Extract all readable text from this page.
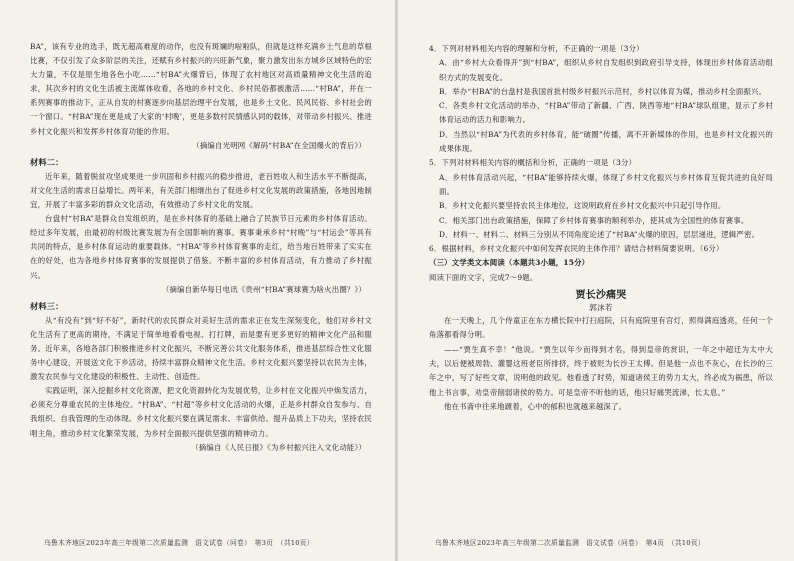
BA”，该有专业的选手，既无超高难度的动作，也没有斑斓的啦啦队，但就是这样充满乡土气息的草根比赛，不仅引发了众多阶层的关注，还赋有乡村振兴的兴旺新气象，聚力激发出东方城乡区域特色的宏大力量，不仅是原生地各色小吃……“村BA”火爆背后，体现了农村地区对高质量精神文化生活的追求，其次乡村的文化生活被主流媒体收看，各地的乡村文化、乡村民俗都被激活……“村BA”，并在一系列赛事的推动下，正从自发的村赛逐步向基层治理平台发展，也是乡土文化、民风民俗、乡村社会的一个窗口。“村BA”现在更是成了大家的‘村晚’，更是多数村民情感认同的载体，对带动乡村振兴、推进乡村文化振兴和发挥乡村体育功能的作用。

（摘编自光明网《解码“村BA”在全国爆火的背后》）

材料二：

近年来，随着脱贫攻坚成果进一步巩固和乡村振兴的稳步推进，老百姓收入和生活水平不断提高，对文化生活的需求日益增长。两年来，有关部门相继出台了促进乡村文化发展的政策措施，各地因地制宜，开展了丰富多彩的群众文化活动，有效推动了乡村文化的发展。

台盘村“村BA”是群众自发组织的，是在乡村体育的基础上融合了民族节日元素的乡村体育活动。经过多年发展，由最初的村级比赛发展为有全国影响的赛事。赛事秉承乡村“村晚”与“村运会”等具有共同的特点，是乡村体育运动的重要载体。“村BA”等乡村体育赛事的走红，给当地百姓带来了实实在在的好处，也为各地乡村体育赛事的发展提供了借鉴。不断丰富的乡村体育活动，有力推动了乡村振兴。

（摘编自新华每日电讯《贵州“村BA”赛球赛为啥火出圈？》）

材料三：

从“有没有”到“好不好”，新时代的农民群众对美好生活的需求正在发生深刻变化，他们对乡村文化生活有了更高的期待，不满足于简单地看看电视、打打牌，而是要有更多更好的精神文化产品和服务。近年来，各地各部门积极推进乡村文化振兴，不断完善公共文化服务体系，推进基层综合性文化服务中心建设，开展送文化下乡活动，持续丰富群众精神文化生活。乡村文化振兴要坚持以农民为主体，激发农民参与文化建设的积极性、主动性、创造性。

实践证明，深入挖掘乡村文化资源，把文化资源转化为发展优势，让乡村在文化振兴中焕发活力，必须充分尊重农民的主体地位。“村BA”、“村超”等乡村文化活动的火爆，正是乡村群众自发参与、自我组织、自我管理的生动体现。乡村文化振兴要在满足需求、丰富供给、提升品质上下功夫，坚持农民唱主角，推动乡村文化繁荣发展，为乡村全面振兴提供坚强的精神动力。

（摘编自《人民日报》《为乡村振兴注入文化动能》）

乌鲁木齐地区2023年高三年级第二次质量监测　语文试卷（问卷）　第3页　（共10页）

4．下列对材料相关内容的理解和分析，不正确的一项是（3分）

A．由“乡村大众看得开”到“村BA”，组织从乡村自发组织到政府引导支持，体现出乡村体育活动组织方式的发展变化。

B．举办“村BA”的台盘村是我国首批村级乡村振兴示范村，乡村以体育为媒，推动乡村全面振兴。

C．各类乡村文化活动的举办，“村BA”带动了新疆、广西、陕西等地“村BA”球队组建，显示了乡村体育运动的活力和影响力。

D．当然以“村BA”为代表的乡村体育，能“破圈”传播，离不开新媒体的作用，也是乡村文化振兴的成果体现。

5．下列对材料相关内容的概括和分析，正确的一项是（3分）

A．乡村体育活动兴起，“村BA”能够持续火爆，体现了乡村文化振兴与乡村体育互促共进的良好局面。

B．乡村文化振兴要坚持农民主体地位，这说明政府在乡村文化振兴中只起引导作用。

C．相关部门出台政策措施，保障了乡村体育赛事的顺利举办，使其成为全国性的体育赛事。

D．材料一、材料二、材料三分别从不同角度论述了“村BA”火爆的原因，层层递进，逻辑严密。

6．根据材料，乡村文化振兴中如何发挥农民的主体作用？请结合材料简要说明。（6分）

（三）文学类文本阅读（本题共3小题，15分）

阅读下面的文字，完成7～9题。

贾长沙痛哭

郭沫若

在一天晚上，几个侍童正在东方横长院中打扫庭院，只有庭院里有宫灯，照得满庭透亮，任何一个角落都看得分明。

——“贾生真不幸！”他说。“贾生以年少而得到才名，得到皇帝的赏识，一年之中超迁为太中大夫，以后便被周勃、灌婴这班老臣所排挤，终于被贬为长沙王太傅。但是他一点也不灰心，在长沙的三年之中，写了好些文章，说明他的政见。他看透了时势，知道诸侯王的势力太大，终必成为祸患，所以他上书言事，劝皇帝削弱诸侯的势力。可是皇帝不听他的话，他只好痛哭流涕，长太息。”

他在书斋中往来地踱着，心中的郁积也就越来越深了。

乌鲁木齐地区2023年高三年级第二次质量监测　语文试卷（问卷）　第4页　（共10页）
